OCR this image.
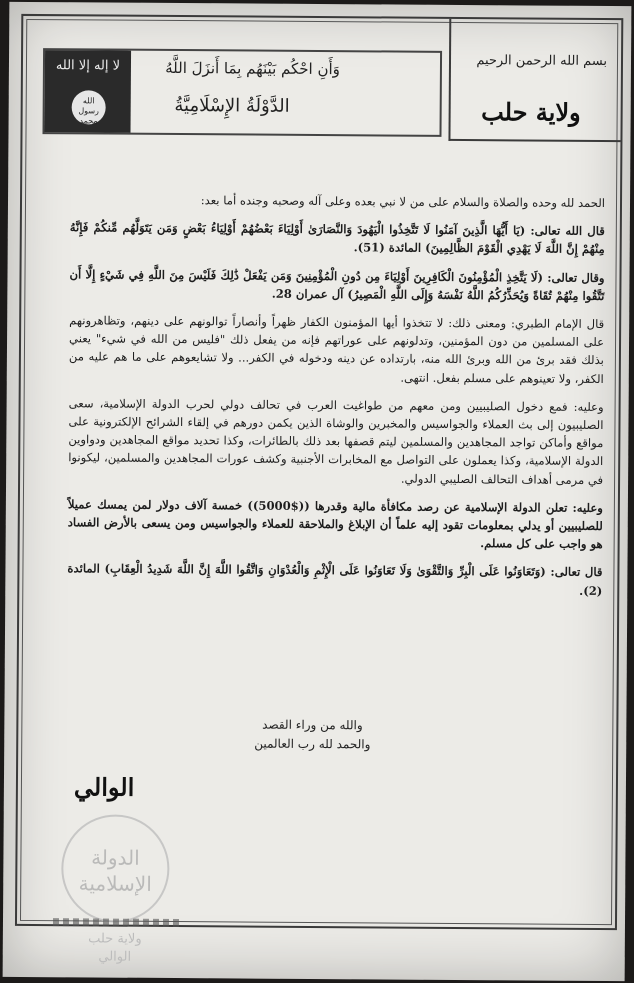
بسم الله الرحمن الرحيم
ولاية حلب
وَأَنِ احْكُم بَيْنَهُم بِمَا أَنزَلَ اللَّهُ
الدَّوْلَةُ الإِسْلَامِيَّةُ
لا إله إلا الله
الله رسول محمد

الحمد لله وحده والصلاة والسلام على من لا نبي بعده وعلى آله وصحبه وجنده أما بعد:

قال الله تعالى: (يَا أَيُّهَا الَّذِينَ آمَنُوا لَا تَتَّخِذُوا الْيَهُودَ وَالنَّصَارَىٰ أَوْلِيَاءَ بَعْضُهُمْ أَوْلِيَاءُ بَعْضٍ وَمَن يَتَوَلَّهُم مِّنكُمْ فَإِنَّهُ مِنْهُمْ إِنَّ اللَّهَ لَا يَهْدِي الْقَوْمَ الظَّالِمِينَ) المائدة (51).

وقال تعالى: (لَا يَتَّخِذِ الْمُؤْمِنُونَ الْكَافِرِينَ أَوْلِيَاءَ مِن دُونِ الْمُؤْمِنِينَ وَمَن يَفْعَلْ ذَٰلِكَ فَلَيْسَ مِنَ اللَّهِ فِي شَيْءٍ إِلَّا أَن تَتَّقُوا مِنْهُمْ تُقَاةً وَيُحَذِّرُكُمُ اللَّهُ نَفْسَهُ وَإِلَى اللَّهِ الْمَصِيرُ) آل عمران 28.

قال الإمام الطبري: ومعنى ذلك: لا تتخذوا أيها المؤمنون الكفار ظهراً وأنصاراً توالونهم على دينهم، وتظاهرونهم على المسلمين من دون المؤمنين، وتدلونهم على عوراتهم فإنه من يفعل ذلك "فليس من الله في شيء" يعني بذلك فقد برئ من الله وبرئ الله منه، بارتداده عن دينه ودخوله في الكفر... ولا تشايعوهم على ما هم عليه من الكفر، ولا تعينوهم على مسلم بفعل. انتهى.

وعليه: فمع دخول الصليبيين ومن معهم من طواغيت العرب في تحالف دولي لحرب الدولة الإسلامية، سعى الصليبيون إلى بث العملاء والجواسيس والمخبرين والوشاة الذين يكمن دورهم في إلقاء الشرائح الإلكترونية على مواقع وأماكن تواجد المجاهدين والمسلمين ليتم قصفها بعد ذلك بالطائرات، وكذا تحديد مواقع المجاهدين ودواوين الدولة الإسلامية، وكذا يعملون على التواصل مع المخابرات الأجنبية وكشف عورات المجاهدين والمسلمين، ليكونوا في مرمى أهداف التحالف الصليبي الدولي.

وعليه: تعلن الدولة الإسلامية عن رصد مكافأة مالية وقدرها (($5000)) خمسة آلاف دولار لمن يمسك عميلاً للصليبيين أو يدلي بمعلومات تقود إليه علماً أن الإبلاغ والملاحقة للعملاء والجواسيس ومن يسعى بالأرض الفساد هو واجب على كل مسلم.

قال تعالى: (وَتَعَاوَنُوا عَلَى الْبِرِّ وَالتَّقْوَىٰ وَلَا تَعَاوَنُوا عَلَى الْإِثْمِ وَالْعُدْوَانِ وَاتَّقُوا اللَّهَ إِنَّ اللَّهَ شَدِيدُ الْعِقَابِ) المائدة (2).

والله من وراء القصد
والحمد لله رب العالمين
الوالي
الدولة الإسلامية
ولاية حلب
الوالي
